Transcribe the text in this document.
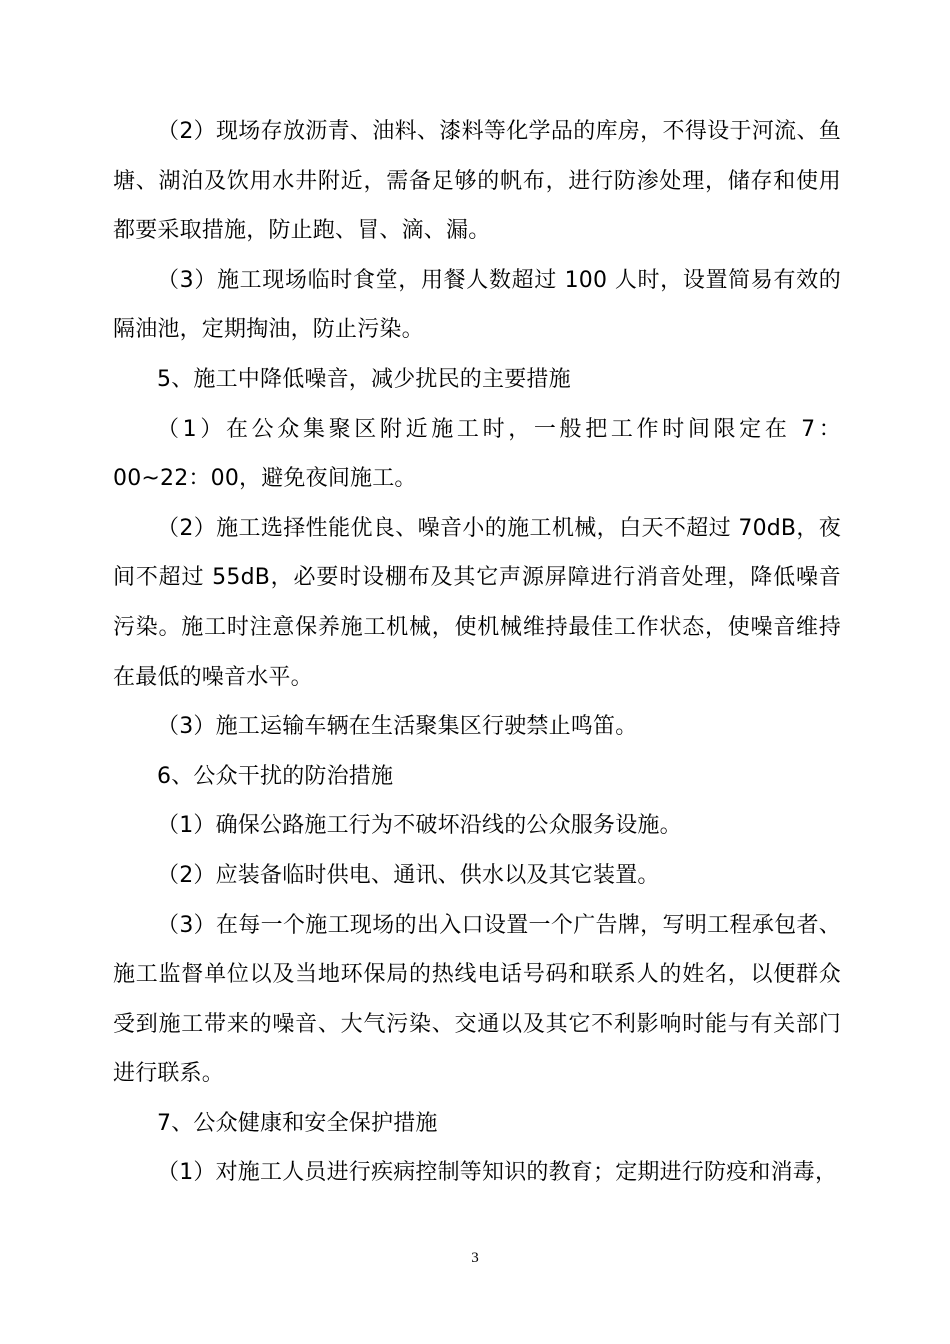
（2）现场存放沥青、油料、漆料等化学品的库房，不得设于河流、鱼塘、湖泊及饮用水井附近，需备足够的帆布，进行防渗处理，储存和使用都要采取措施，防止跑、冒、滴、漏。

（3）施工现场临时食堂，用餐人数超过 100 人时，设置简易有效的隔油池，定期掏油，防止污染。

5、施工中降低噪音，减少扰民的主要措施

（1）在公众集聚区附近施工时，一般把工作时间限定在 7：00~22：00，避免夜间施工。

（2）施工选择性能优良、噪音小的施工机械，白天不超过 70dB，夜间不超过 55dB，必要时设棚布及其它声源屏障进行消音处理，降低噪音污染。施工时注意保养施工机械，使机械维持最佳工作状态，使噪音维持在最低的噪音水平。

（3）施工运输车辆在生活聚集区行驶禁止鸣笛。

6、公众干扰的防治措施

（1）确保公路施工行为不破坏沿线的公众服务设施。

（2）应装备临时供电、通讯、供水以及其它装置。

（3）在每一个施工现场的出入口设置一个广告牌，写明工程承包者、施工监督单位以及当地环保局的热线电话号码和联系人的姓名，以便群众受到施工带来的噪音、大气污染、交通以及其它不利影响时能与有关部门进行联系。

7、公众健康和安全保护措施

（1）对施工人员进行疾病控制等知识的教育；定期进行防疫和消毒，

3
